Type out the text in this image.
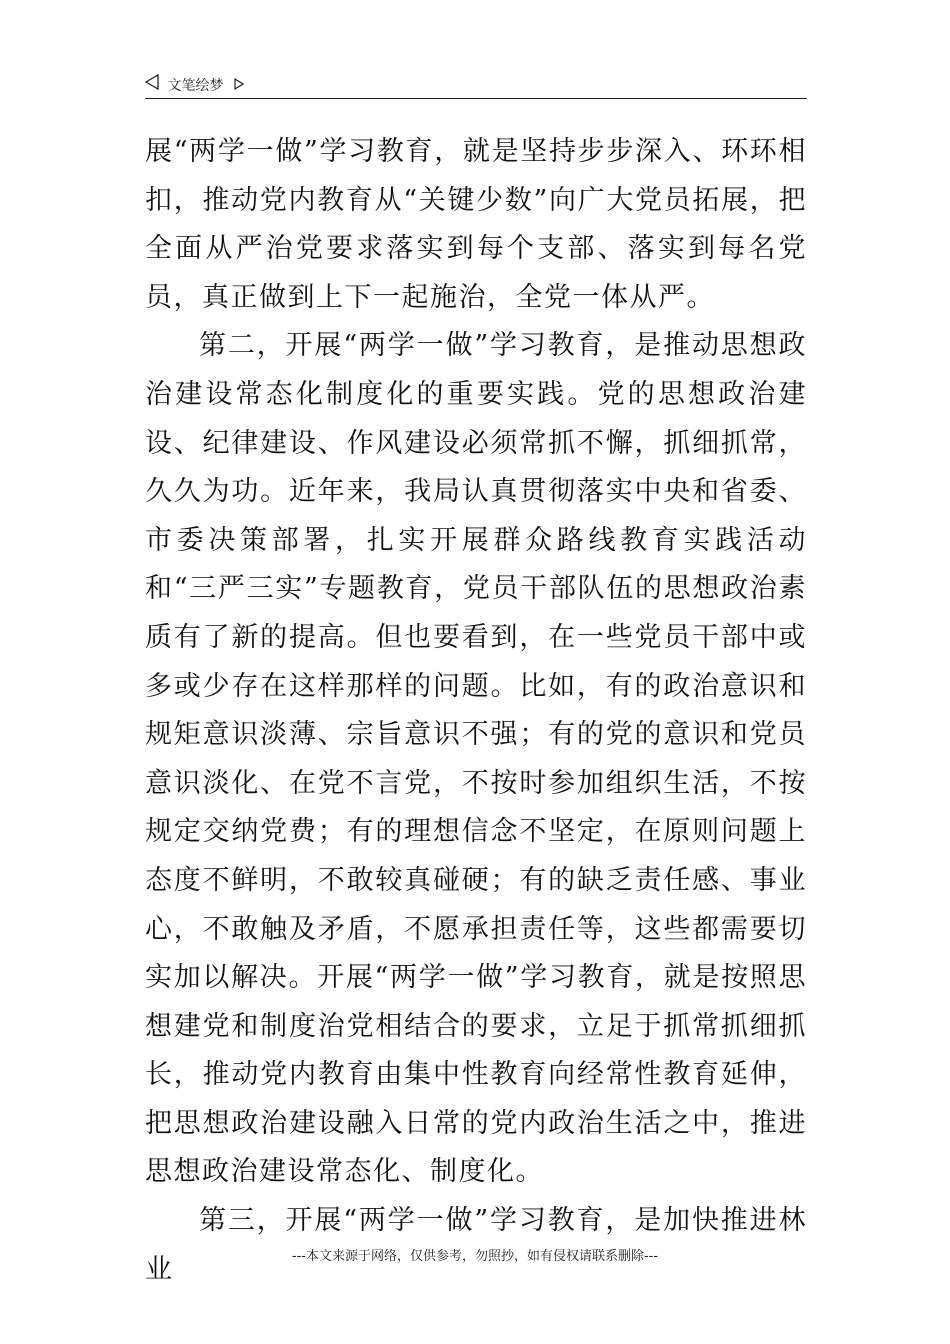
文笔绘梦

展“两学一做”学习教育，就是坚持步步深入、环环相扣，推动党内教育从“关键少数”向广大党员拓展，把全面从严治党要求落实到每个支部、落实到每名党员，真正做到上下一起施治，全党一体从严。

第二，开展“两学一做”学习教育，是推动思想政治建设常态化制度化的重要实践。党的思想政治建设、纪律建设、作风建设必须常抓不懈，抓细抓常，久久为功。近年来，我局认真贯彻落实中央和省委、市委决策部署，扎实开展群众路线教育实践活动和“三严三实”专题教育，党员干部队伍的思想政治素质有了新的提高。但也要看到，在一些党员干部中或多或少存在这样那样的问题。比如，有的政治意识和规矩意识淡薄、宗旨意识不强；有的党的意识和党员意识淡化、在党不言党，不按时参加组织生活，不按规定交纳党费；有的理想信念不坚定，在原则问题上态度不鲜明，不敢较真碰硬；有的缺乏责任感、事业心，不敢触及矛盾，不愿承担责任等，这些都需要切实加以解决。开展“两学一做”学习教育，就是按照思想建党和制度治党相结合的要求，立足于抓常抓细抓长，推动党内教育由集中性教育向经常性教育延伸，把思想政治建设融入日常的党内政治生活之中，推进思想政治建设常态化、制度化。

第三，开展“两学一做”学习教育，是加快推进林业	---本文来源于网络，仅供参考，勿照抄，如有侵权请联系删除---
